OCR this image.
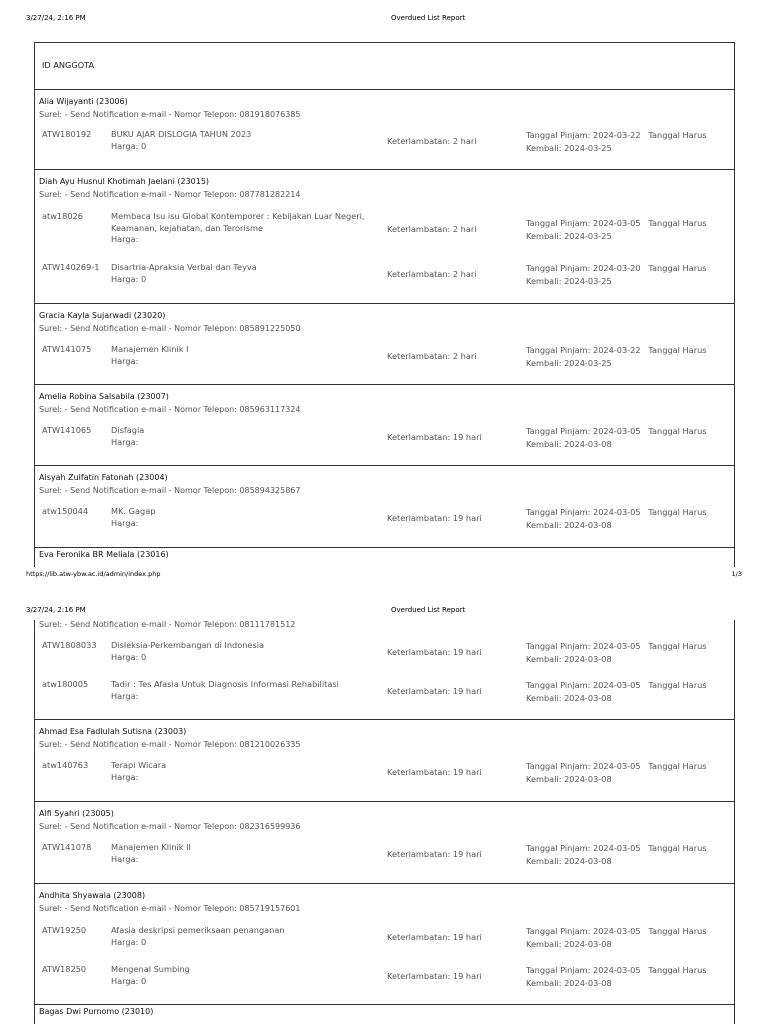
3/27/24, 2:16 PM	Overdued List Report
ID ANGGOTA
Alia Wijayanti (23006)
Surel: - Send Notification e-mail - Nomor Telepon: 081918076385
ATW180192 BUKU AJAR DISLOGIA TAHUN 2023
Harga: 0	Keterlambatan: 2 hari
Tanggal Pinjam: 2024-03-22 Tanggal Harus
Kembali: 2024-03-25
Diah Ayu Husnul Khotimah Jaelani (23015)
Surel: - Send Notification e-mail - Nomor Telepon: 087781282214
atw18026	Membaca Isu isu Global Kontemporer : Kebijakan Luar Negeri, Keamanan, kejahatan, dan Terorisme
Harga:
Keterlambatan: 2 hari
Tanggal Pinjam: 2024-03-05 Tanggal Harus
Kembali: 2024-03-25
ATW140269-1 Disartria-Apraksia Verbal dan Teyva
Harga: 0	Keterlambatan: 2 hari
Tanggal Pinjam: 2024-03-20 Tanggal Harus
Kembali: 2024-03-25
Gracia Kayla Sujarwadi (23020)
Surel: - Send Notification e-mail - Nomor Telepon: 085891225050
ATW141075 Manajemen Klinik I
Harga:	Keterlambatan: 2 hari
Tanggal Pinjam: 2024-03-22 Tanggal Harus
Kembali: 2024-03-25
Amelia Robina Salsabila (23007)
Surel: - Send Notification e-mail - Nomor Telepon: 085963117324
ATW141065 Disfagia
Harga:	Keterlambatan: 19 hari
Tanggal Pinjam: 2024-03-05 Tanggal Harus
Kembali: 2024-03-08
Aisyah Zulfatin Fatonah (23004)
Surel: - Send Notification e-mail - Nomor Telepon: 085894325867
atw150044	MK. Gagap
Harga:	Keterlambatan: 19 hari
Tanggal Pinjam: 2024-03-05 Tanggal Harus
Kembali: 2024-03-08
Eva Feronika BR Meliala (23016)
https://lib.atw-ybw.ac.id/admin/index.php	1/3
3/27/24, 2:16 PM	Overdued List Report
Surel: - Send Notification e-mail - Nomor Telepon: 08111781512
ATW1808033 Disleksia-Perkembangan di Indonesia
Harga: 0	Keterlambatan: 19 hari
Tanggal Pinjam: 2024-03-05 Tanggal Harus
Kembali: 2024-03-08
atw180005	Tadir : Tes Afasia Untuk Diagnosis Informasi Rehabilitasi
Harga:	Keterlambatan: 19 hari
Tanggal Pinjam: 2024-03-05 Tanggal Harus
Kembali: 2024-03-08
Ahmad Esa Fadlulah Sutisna (23003)
Surel: - Send Notification e-mail - Nomor Telepon: 081210026335
atw140763	Terapi Wicara
Harga:	Keterlambatan: 19 hari
Tanggal Pinjam: 2024-03-05 Tanggal Harus
Kembali: 2024-03-08
Alfi Syahri (23005)
Surel: - Send Notification e-mail - Nomor Telepon: 082316599936
ATW141078 Manajemen Klinik II
Harga:	Keterlambatan: 19 hari
Tanggal Pinjam: 2024-03-05 Tanggal Harus
Kembali: 2024-03-08
Andhita Shyawala (23008)
Surel: - Send Notification e-mail - Nomor Telepon: 085719157601
ATW19250	Afasia deskripsi pemeriksaan penanganan
Harga: 0	Keterlambatan: 19 hari
Tanggal Pinjam: 2024-03-05 Tanggal Harus
Kembali: 2024-03-08
ATW18250	Mengenal Sumbing
Harga: 0	Keterlambatan: 19 hari
Tanggal Pinjam: 2024-03-05 Tanggal Harus
Kembali: 2024-03-08
Bagas Dwi Purnomo (23010)
